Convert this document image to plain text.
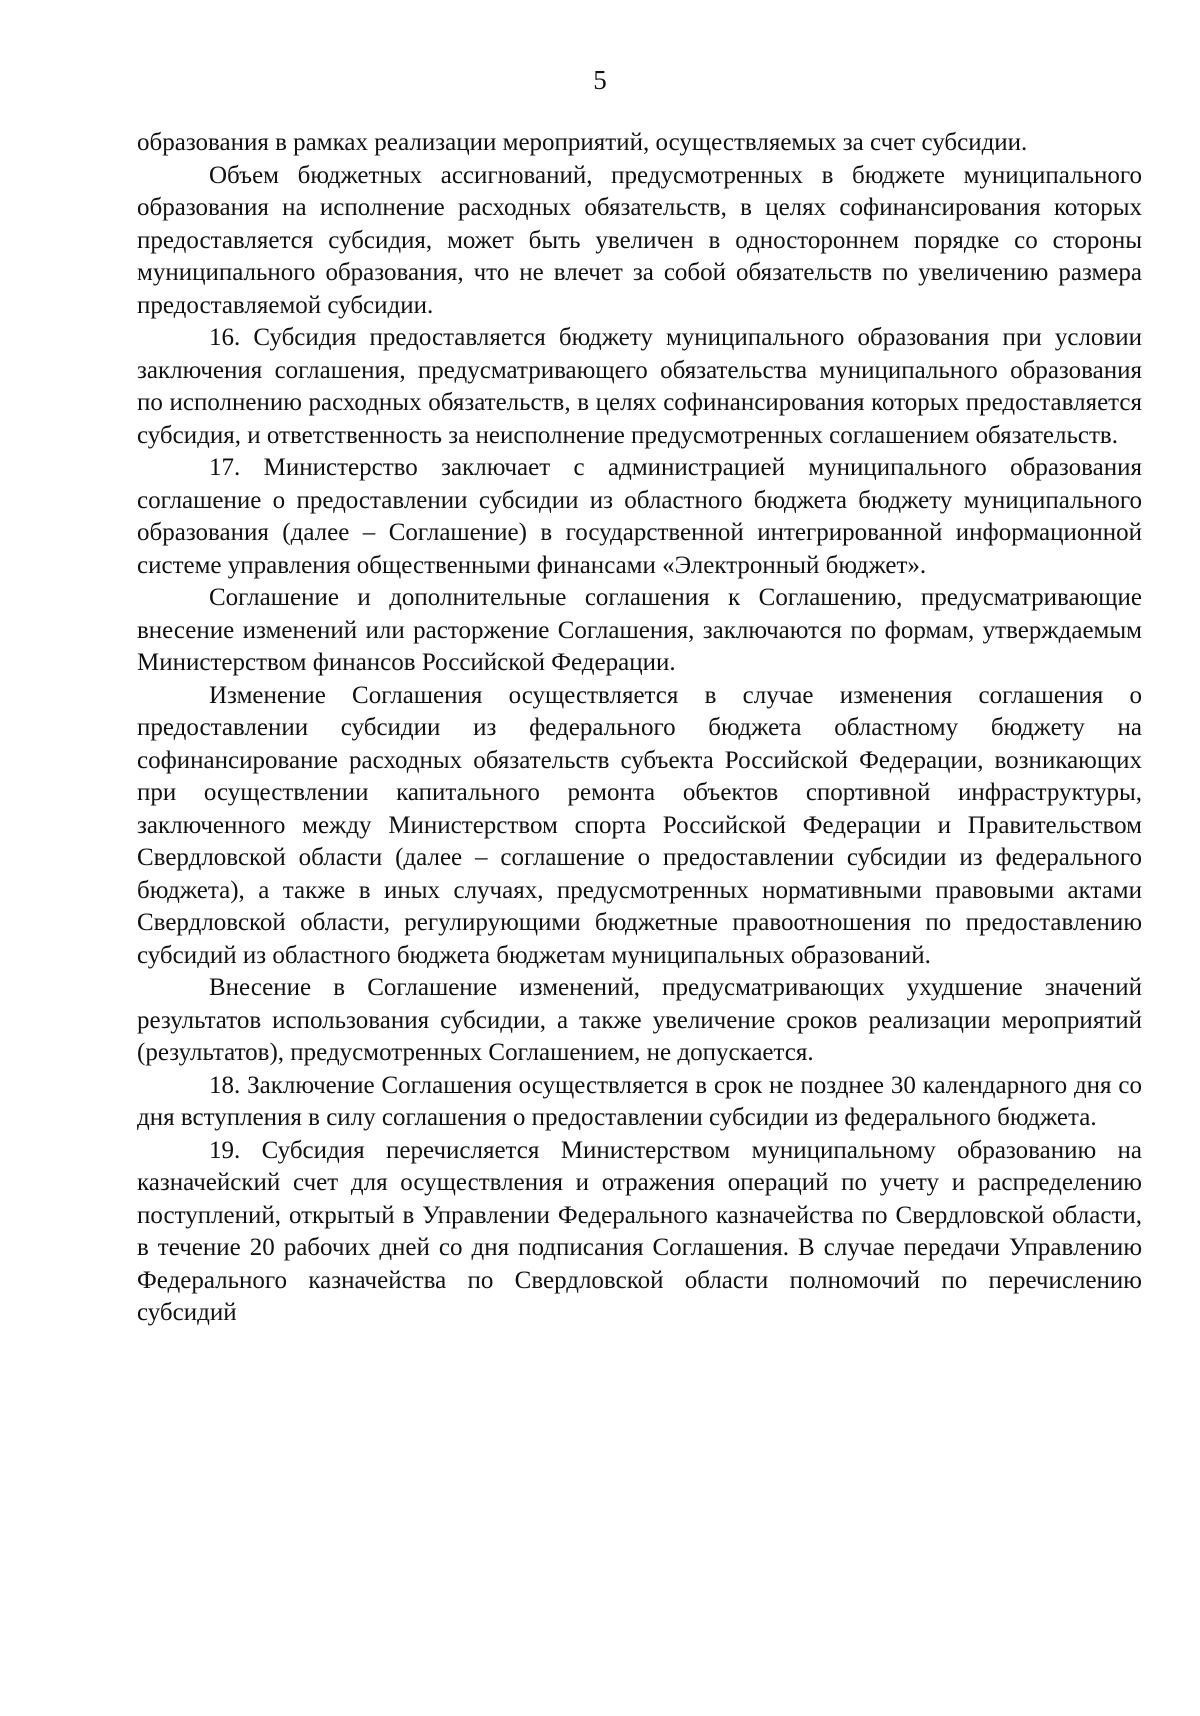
5

образования в рамках реализации мероприятий, осуществляемых за счет субсидии.

Объем бюджетных ассигнований, предусмотренных в бюджете муниципального образования на исполнение расходных обязательств, в целях софинансирования которых предоставляется субсидия, может быть увеличен в одностороннем порядке со стороны муниципального образования, что не влечет за собой обязательств по увеличению размера предоставляемой субсидии.

16. Субсидия предоставляется бюджету муниципального образования при условии заключения соглашения, предусматривающего обязательства муниципального образования по исполнению расходных обязательств, в целях софинансирования которых предоставляется субсидия, и ответственность за неисполнение предусмотренных соглашением обязательств.

17. Министерство заключает с администрацией муниципального образования соглашение о предоставлении субсидии из областного бюджета бюджету муниципального образования (далее – Соглашение) в государственной интегрированной информационной системе управления общественными финансами «Электронный бюджет».

Соглашение и дополнительные соглашения к Соглашению, предусматривающие внесение изменений или расторжение Соглашения, заключаются по формам, утверждаемым Министерством финансов Российской Федерации.

Изменение Соглашения осуществляется в случае изменения соглашения о предоставлении субсидии из федерального бюджета областному бюджету на софинансирование расходных обязательств субъекта Российской Федерации, возникающих при осуществлении капитального ремонта объектов спортивной инфраструктуры, заключенного между Министерством спорта Российской Федерации и Правительством Свердловской области (далее – соглашение о предоставлении субсидии из федерального бюджета), а также в иных случаях, предусмотренных нормативными правовыми актами Свердловской области, регулирующими бюджетные правоотношения по предоставлению субсидий из областного бюджета бюджетам муниципальных образований.

Внесение в Соглашение изменений, предусматривающих ухудшение значений результатов использования субсидии, а также увеличение сроков реализации мероприятий (результатов), предусмотренных Соглашением, не допускается.

18. Заключение Соглашения осуществляется в срок не позднее 30 календарного дня со дня вступления в силу соглашения о предоставлении субсидии из федерального бюджета.

19. Субсидия перечисляется Министерством муниципальному образованию на казначейский счет для осуществления и отражения операций по учету и распределению поступлений, открытый в Управлении Федерального казначейства по Свердловской области, в течение 20 рабочих дней со дня подписания Соглашения. В случае передачи Управлению Федерального казначейства по Свердловской области полномочий по перечислению субсидий
